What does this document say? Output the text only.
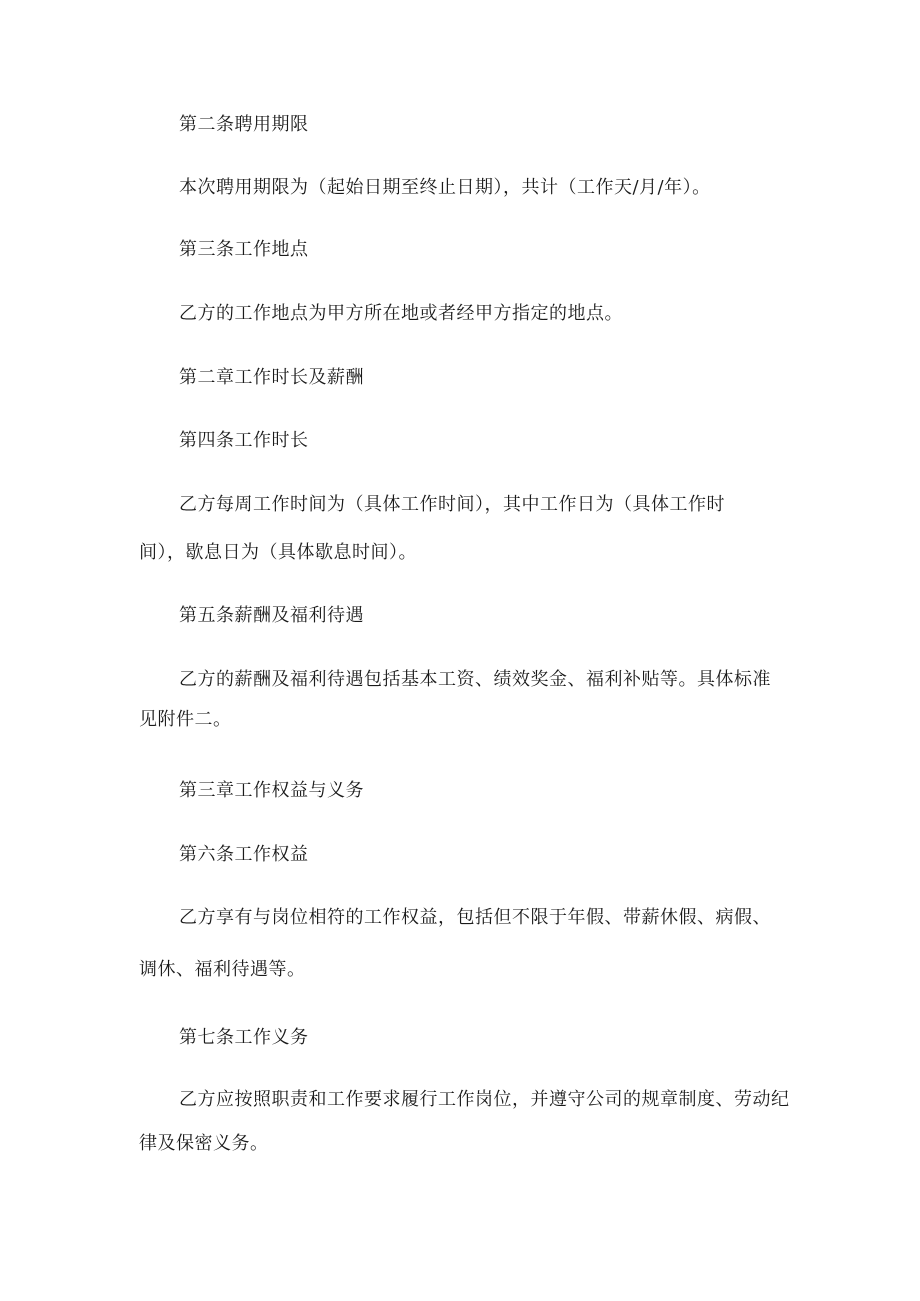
第二条聘用期限

本次聘用期限为（起始日期至终止日期），共计（工作天/月/年）。

第三条工作地点

乙方的工作地点为甲方所在地或者经甲方指定的地点。

第二章工作时长及薪酬

第四条工作时长

乙方每周工作时间为（具体工作时间），其中工作日为（具体工作时
间），歇息日为（具体歇息时间）。

第五条薪酬及福利待遇

乙方的薪酬及福利待遇包括基本工资、绩效奖金、福利补贴等。具体标准
见附件二。

第三章工作权益与义务

第六条工作权益

乙方享有与岗位相符的工作权益，包括但不限于年假、带薪休假、病假、
调休、福利待遇等。

第七条工作义务

乙方应按照职责和工作要求履行工作岗位，并遵守公司的规章制度、劳动纪
律及保密义务。
